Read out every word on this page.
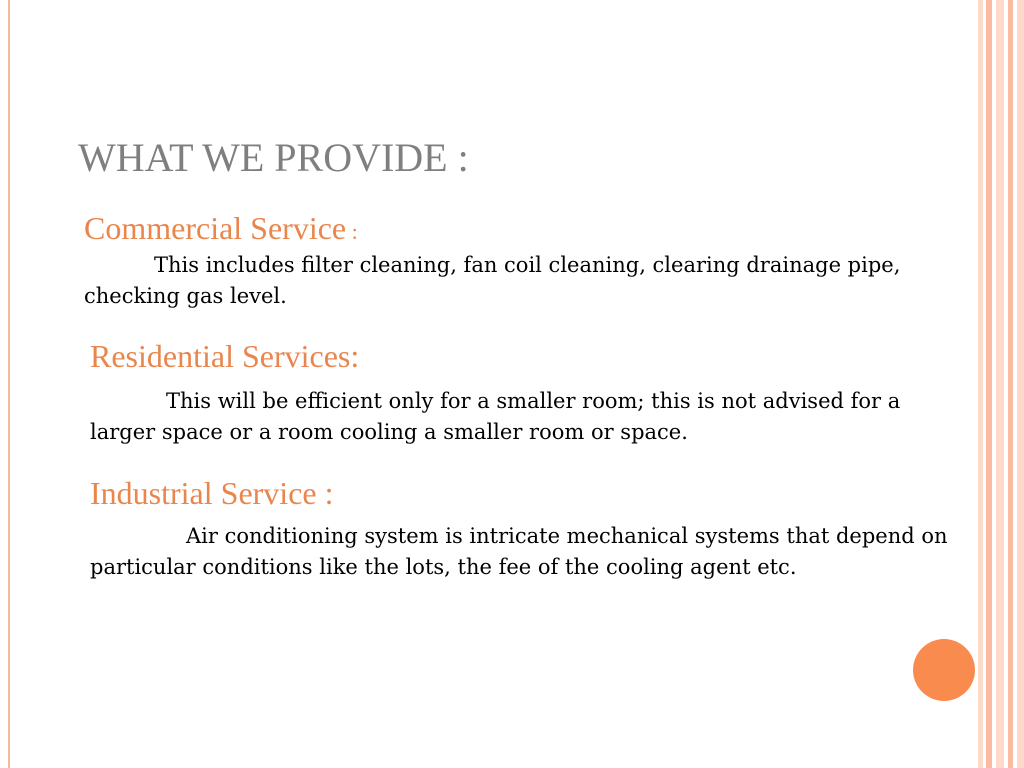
WHAT WE PROVIDE :
Commercial Service :

This includes filter cleaning, fan coil cleaning, clearing drainage pipe, checking gas level.

Residential Services:

This will be efficient only for a smaller room; this is not advised for a larger space or a room cooling a smaller room or space.

Industrial Service :

Air conditioning system is intricate mechanical systems that depend on particular conditions like the lots, the fee of the cooling agent etc.
